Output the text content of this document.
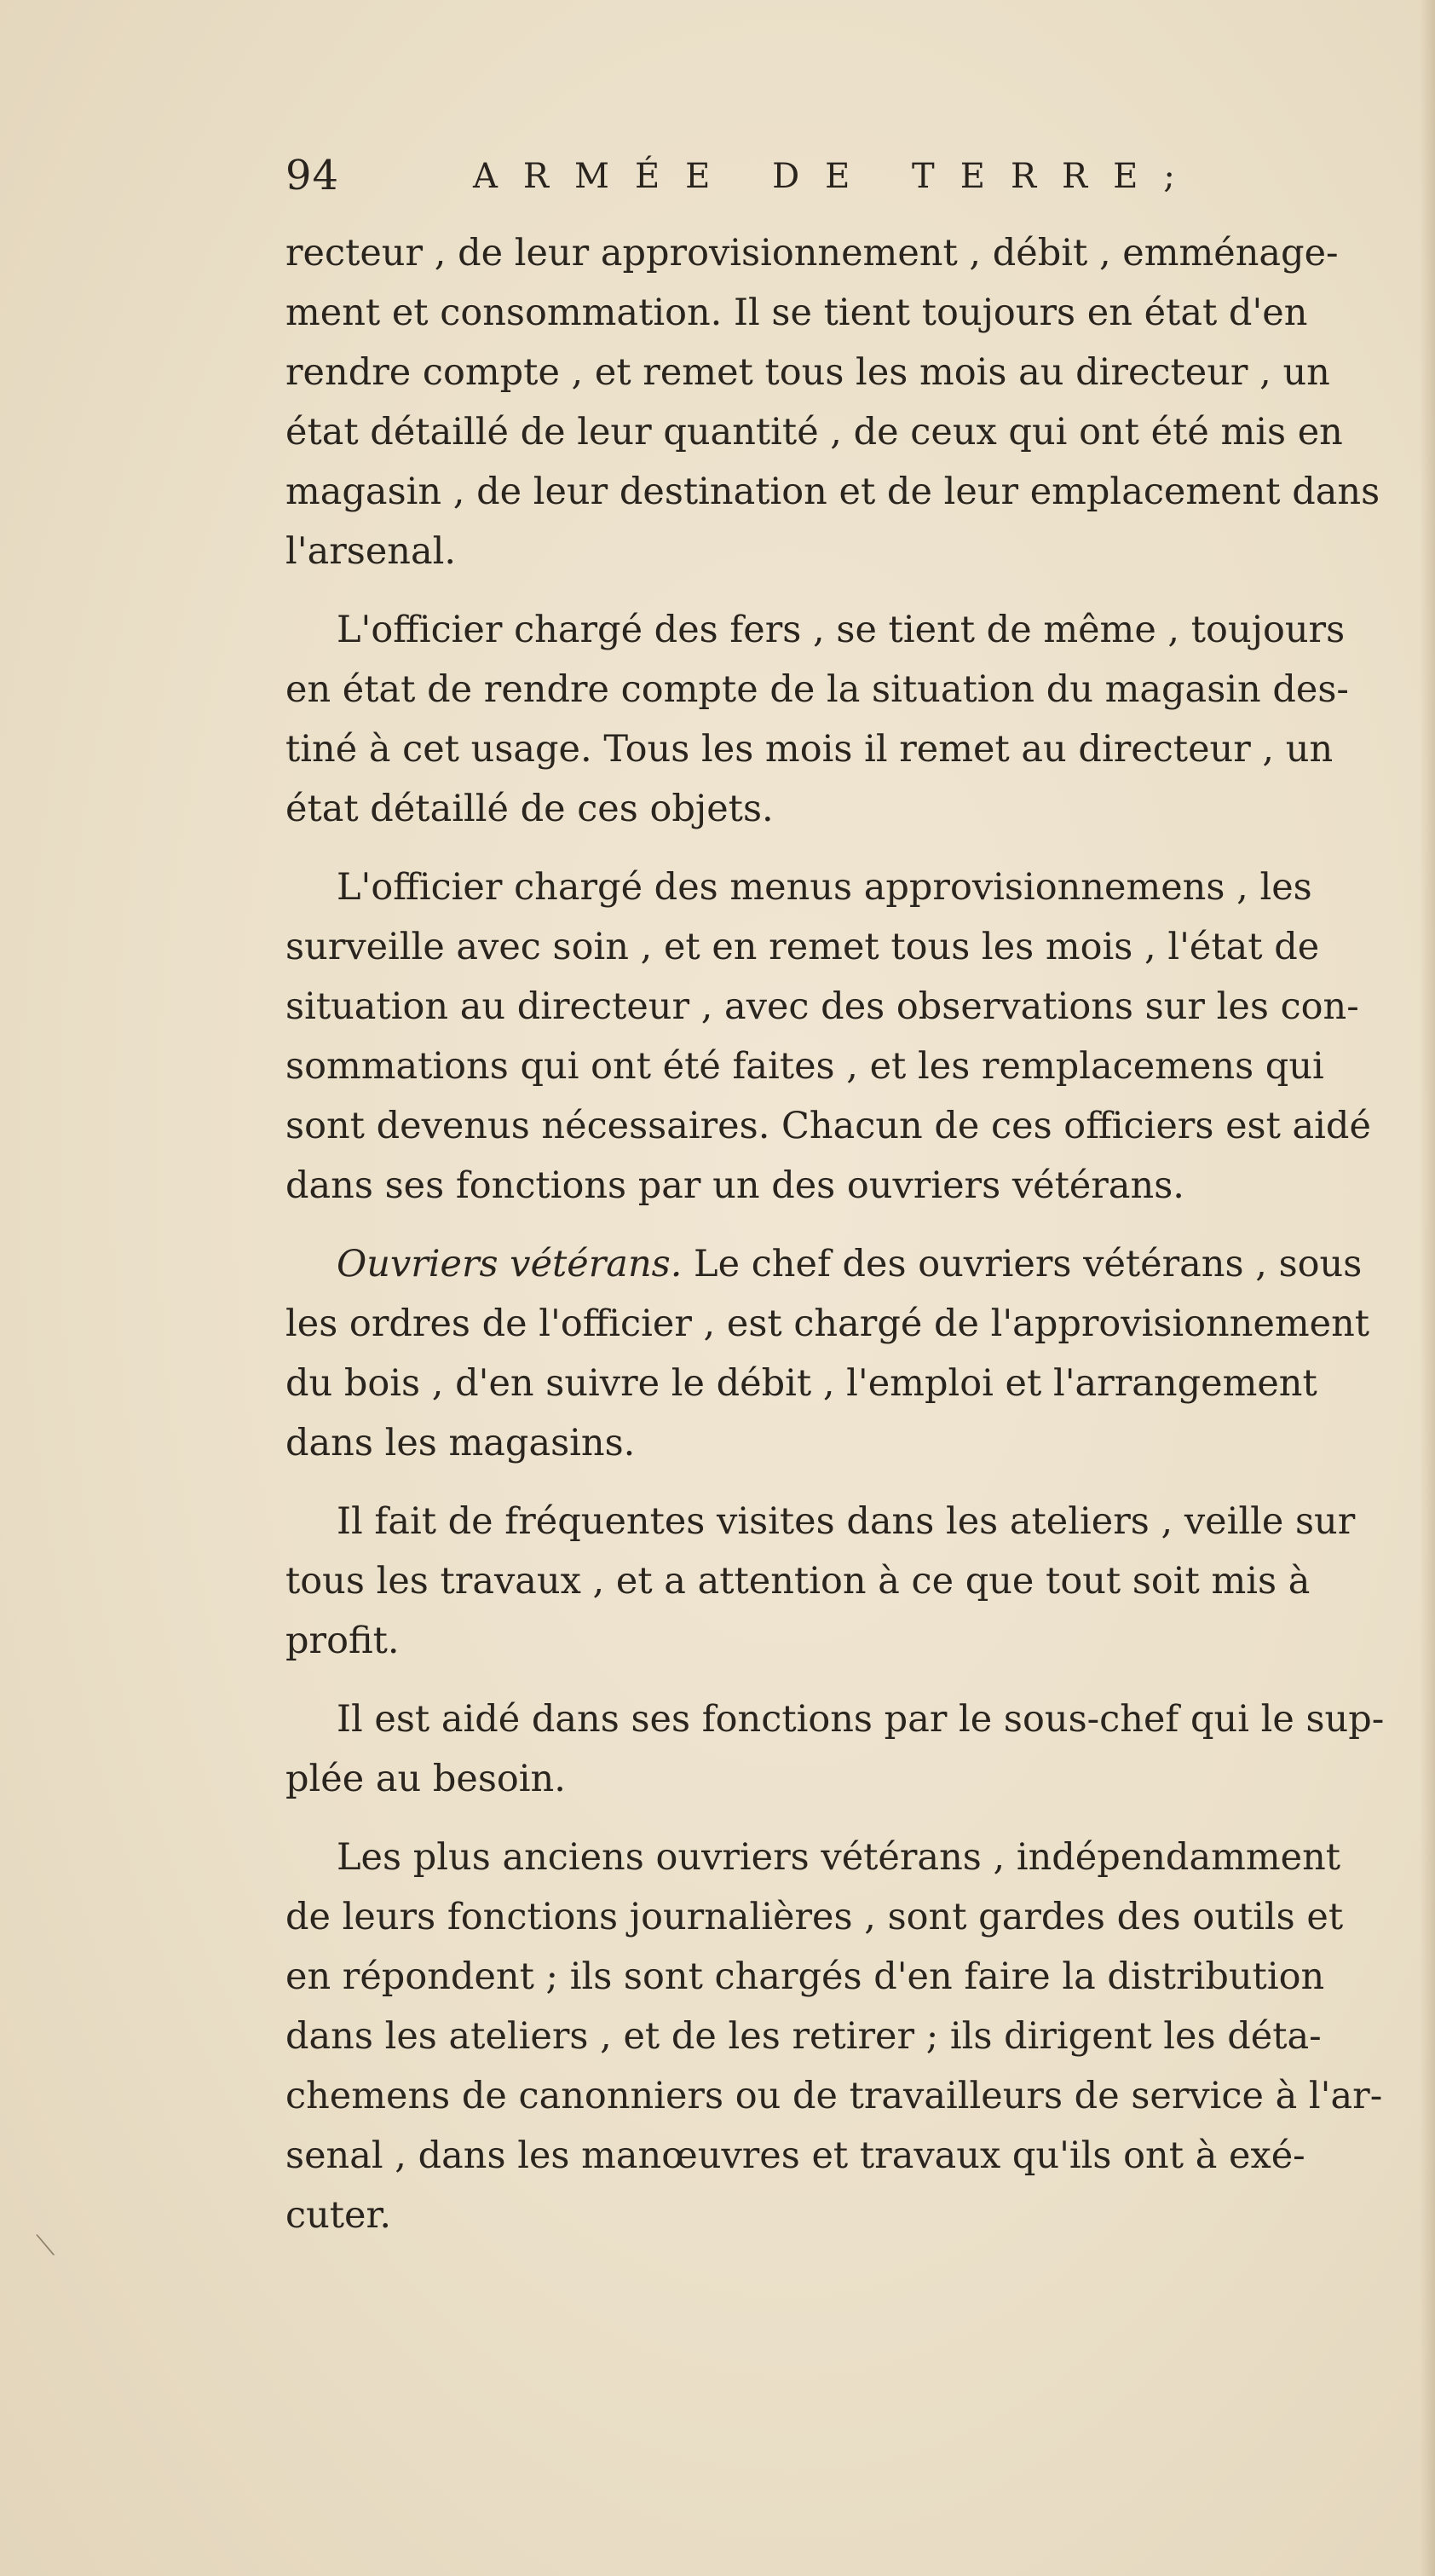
94	ARMÉE DE TERRE;

recteur , de leur approvisionnement , débit , emménage-
ment et consommation. Il se tient toujours en état d'en
rendre compte , et remet tous les mois au directeur , un
état détaillé de leur quantité , de ceux qui ont été mis en
magasin , de leur destination et de leur emplacement dans
l'arsenal.

L'officier chargé des fers , se tient de même , toujours
en état de rendre compte de la situation du magasin des-
tiné à cet usage. Tous les mois il remet au directeur , un
état détaillé de ces objets.

L'officier chargé des menus approvisionnemens , les
surveille avec soin , et en remet tous les mois , l'état de
situation au directeur , avec des observations sur les con-
sommations qui ont été faites , et les remplacemens qui
sont devenus nécessaires. Chacun de ces officiers est aidé
dans ses fonctions par un des ouvriers vétérans.

Ouvriers vétérans. Le chef des ouvriers vétérans , sous
les ordres de l'officier , est chargé de l'approvisionnement
du bois , d'en suivre le débit , l'emploi et l'arrangement
dans les magasins.

Il fait de fréquentes visites dans les ateliers , veille sur
tous les travaux , et a attention à ce que tout soit mis à
profit.

Il est aidé dans ses fonctions par le sous-chef qui le sup-
plée au besoin.

Les plus anciens ouvriers vétérans , indépendamment
de leurs fonctions journalières , sont gardes des outils et
en répondent ; ils sont chargés d'en faire la distribution
dans les ateliers , et de les retirer ; ils dirigent les déta-
chemens de canonniers ou de travailleurs de service à l'ar-
senal , dans les manœuvres et travaux qu'ils ont à exé-
cuter.

⟍
